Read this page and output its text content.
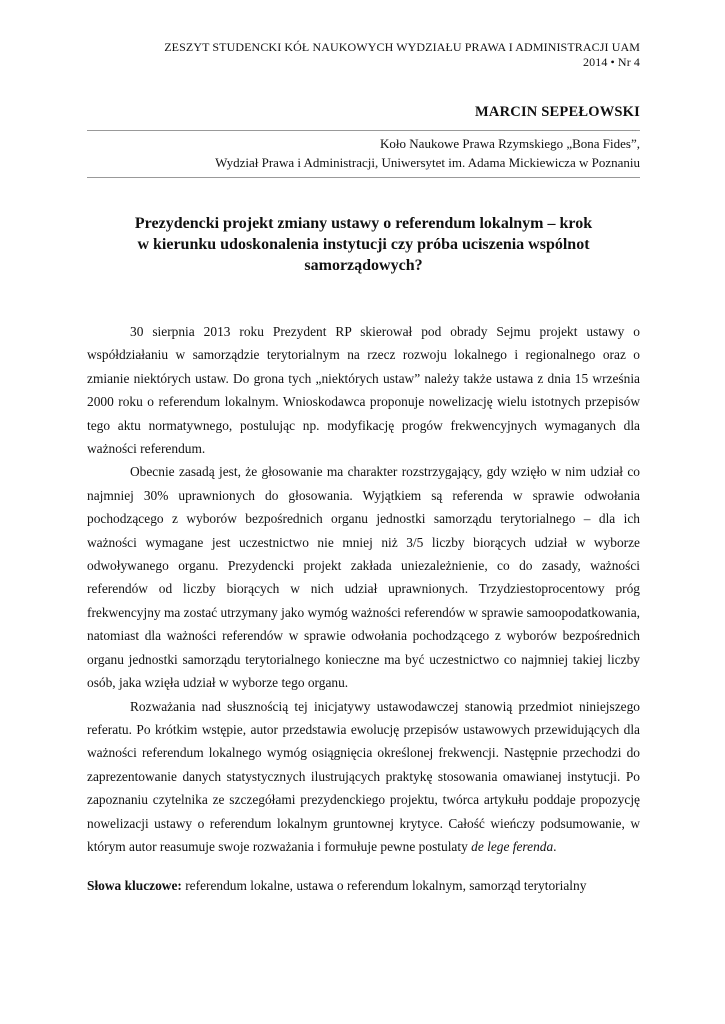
ZESZYT STUDENCKI KÓŁ NAUKOWYCH WYDZIAŁU PRAWA I ADMINISTRACJI UAM
2014 • Nr 4
MARCIN SEPEŁOWSKI
Koło Naukowe Prawa Rzymskiego „Bona Fides”,
Wydział Prawa i Administracji, Uniwersytet im. Adama Mickiewicza w Poznaniu
Prezydencki projekt zmiany ustawy o referendum lokalnym – krok
w kierunku udoskonalenia instytucji czy próba uciszenia wspólnot
samorządowych?

30 sierpnia 2013 roku Prezydent RP skierował pod obrady Sejmu projekt ustawy o współdziałaniu w samorządzie terytorialnym na rzecz rozwoju lokalnego i regionalnego oraz o zmianie niektórych ustaw. Do grona tych „niektórych ustaw” należy także ustawa z dnia 15 września 2000 roku o referendum lokalnym. Wnioskodawca proponuje nowelizację wielu istotnych przepisów tego aktu normatywnego, postulując np. modyfikację progów frekwencyjnych wymaganych dla ważności referendum.

Obecnie zasadą jest, że głosowanie ma charakter rozstrzygający, gdy wzięło w nim udział co najmniej 30% uprawnionych do głosowania. Wyjątkiem są referenda w sprawie odwołania pochodzącego z wyborów bezpośrednich organu jednostki samorządu terytorialnego – dla ich ważności wymagane jest uczestnictwo nie mniej niż 3/5 liczby biorących udział w wyborze odwoływanego organu. Prezydencki projekt zakłada uniezależnienie, co do zasady, ważności referendów od liczby biorących w nich udział uprawnionych. Trzydziestoprocentowy próg frekwencyjny ma zostać utrzymany jako wymóg ważności referendów w sprawie samoopodatkowania, natomiast dla ważności referendów w sprawie odwołania pochodzącego z wyborów bezpośrednich organu jednostki samorządu terytorialnego konieczne ma być uczestnictwo co najmniej takiej liczby osób, jaka wzięła udział w wyborze tego organu.

Rozważania nad słusznością tej inicjatywy ustawodawczej stanowią przedmiot niniejszego referatu. Po krótkim wstępie, autor przedstawia ewolucję przepisów ustawowych przewidujących dla ważności referendum lokalnego wymóg osiągnięcia określonej frekwencji. Następnie przechodzi do zaprezentowanie danych statystycznych ilustrujących praktykę stosowania omawianej instytucji. Po zapoznaniu czytelnika ze szczegółami prezydenckiego projektu, twórca artykułu poddaje propozycję nowelizacji ustawy o referendum lokalnym gruntownej krytyce. Całość wieńczy podsumowanie, w którym autor reasumuje swoje rozważania i formułuje pewne postulaty de lege ferenda.

Słowa kluczowe: referendum lokalne, ustawa o referendum lokalnym, samorząd terytorialny
